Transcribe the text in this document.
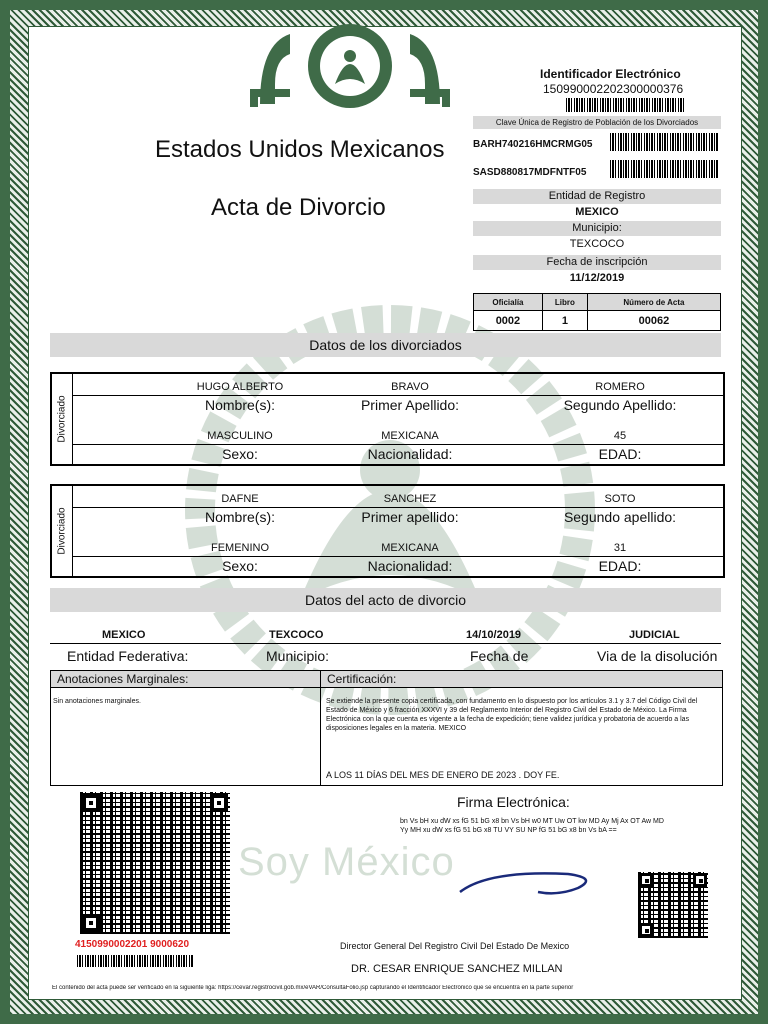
Soy México
Estados Unidos Mexicanos
Acta de Divorcio
Identificador Electrónico
150990002202300000376
Clave Única de Registro de Población de los Divorciados
BARH740216HMCRMG05
SASD880817MDFNTF05
Entidad de Registro
MEXICO
Municipio:
TEXCOCO
Fecha de inscripción
11/12/2019
Oficialía	Libro	Número de Acta
0002	1	00062
Datos de los divorciados
Divorciado
HUGO ALBERTO	BRAVO	ROMERO
Nombre(s):	Primer Apellido:	Segundo Apellido:
MASCULINO	MEXICANA	45
Sexo:	Nacionalidad:	EDAD:
Divorciado
DAFNE	SANCHEZ	SOTO
Nombre(s):	Primer apellido:	Segundo apellido:
FEMENINO	MEXICANA	31
Sexo:	Nacionalidad:	EDAD:
Datos del acto de divorcio
MEXICO	TEXCOCO	14/10/2019	JUDICIAL
Entidad Federativa:	Municipio:	Fecha de	Via de la disolución
Anotaciones Marginales:	Certificación:
Sin anotaciones marginales.	Se extiende la presente copia certificada, con fundamento en lo dispuesto por los artículos 3.1 y 3.7 del Código Civil del Estado de México y 6 fracción XXXVI y 39 del Reglamento Interior del Registro Civil del Estado de México. La Firma Electrónica con la que cuenta es vigente a la fecha de expedición; tiene validez jurídica y probatoria de acuerdo a las disposiciones legales en la materia. MEXICO
A LOS 11 DÍAS DEL MES DE ENERO DE 2023 . DOY FE.
Firma Electrónica:
bn Vs bH xu dW xs fG 51 bG x8 bn Vs bH w0 MT Uw OT kw MD Ay Mj Ax OT Aw MD Yy MH xu dW xs fG 51 bG x8 TU VY SU NP fG 51 bG x8 bn Vs bA ==
Director General Del Registro Civil Del Estado De Mexico
DR. CESAR ENRIQUE SANCHEZ MILLAN
4150990002201 9000620
El contenido del acta puede ser verificado en la siguiente liga: https://cevar.registrocivil.gob.mx/eVAR/ConsultaFolio.jsp capturando el Identificador Electrónico que se encuentra en la parte superior
